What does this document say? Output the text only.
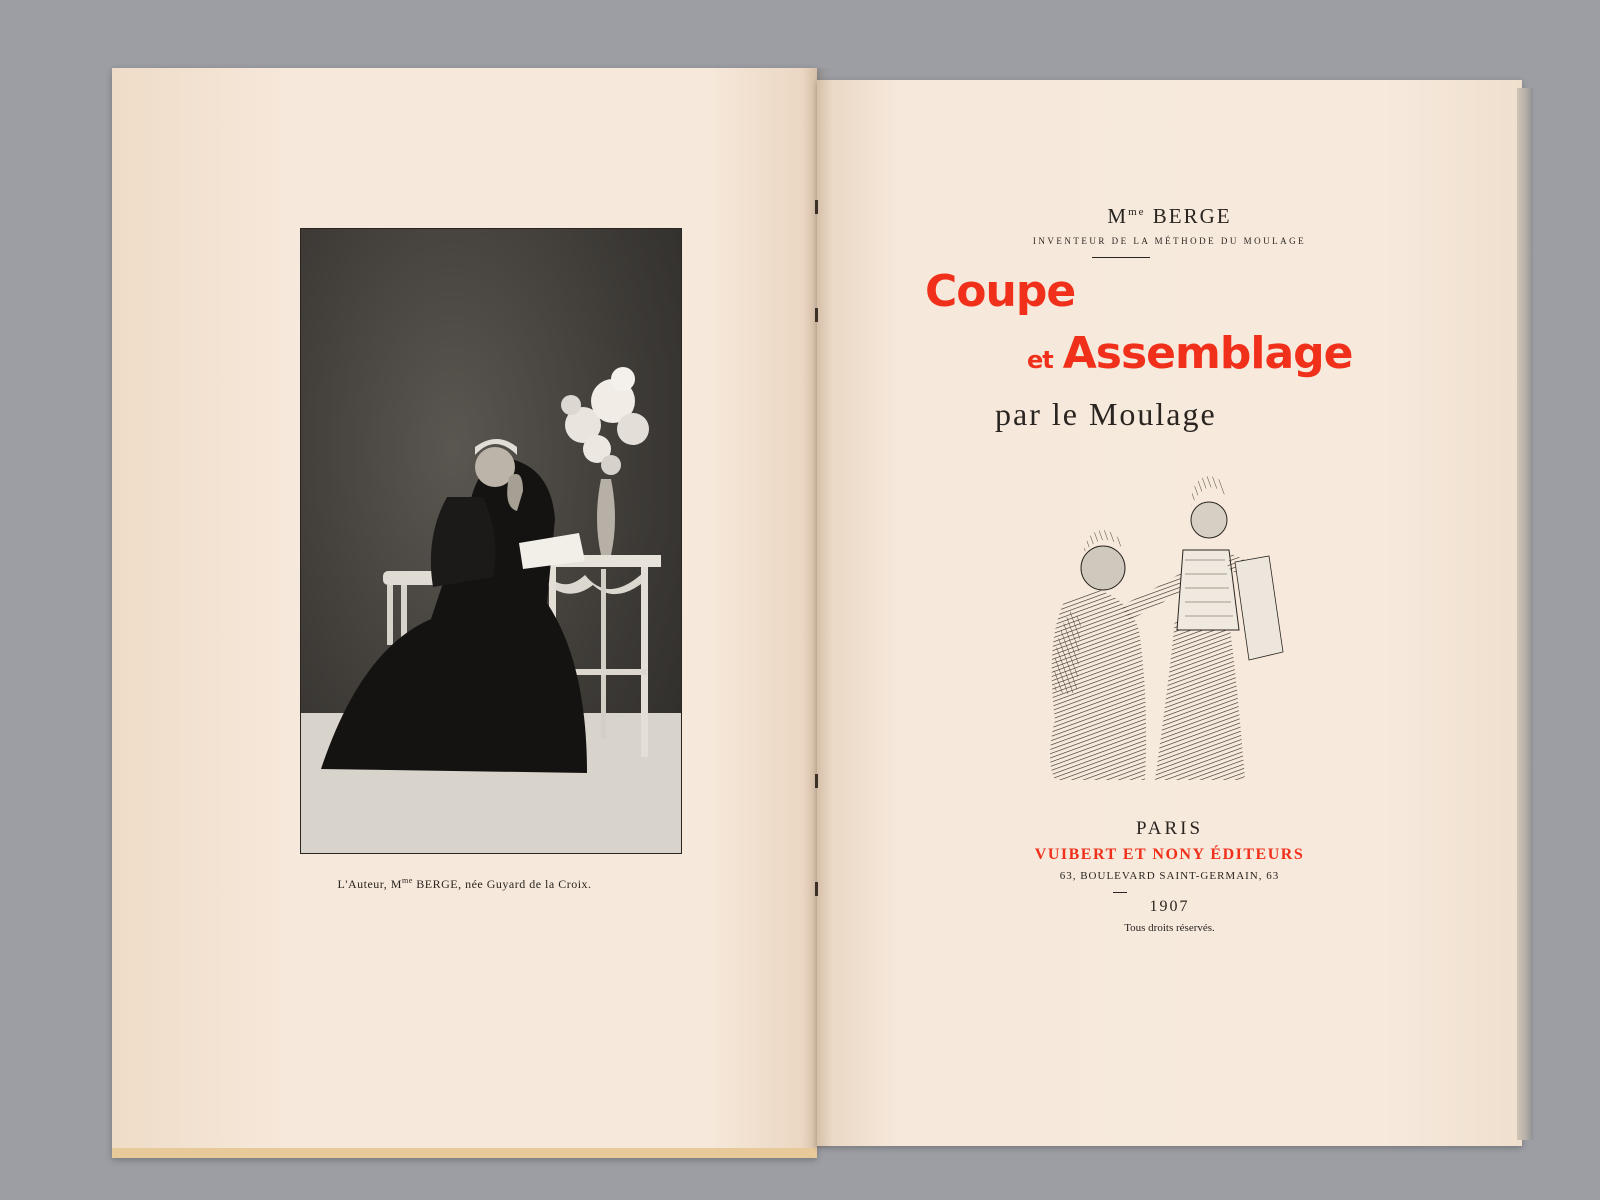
L'Auteur, $M^{me}$ BERGE, née Guyard de la Croix.
$M^{me}$ BERGE
INVENTEUR DE LA MÉTHODE DU MOULAGE
Coupe
et Assemblage
par le Moulage
PARIS
VUIBERT ET NONY ÉDITEURS
63, BOULEVARD SAINT-GERMAIN, 63
1907
Tous droits réservés.
